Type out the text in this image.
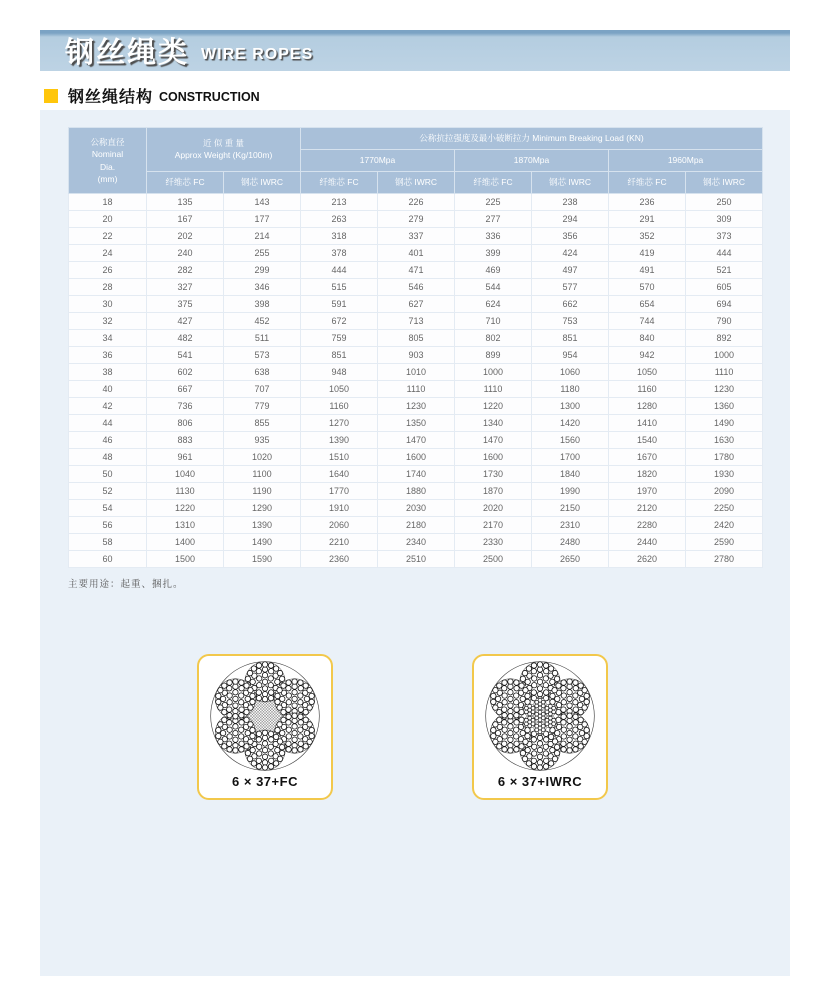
钢丝绳类 WIRE ROPES
钢丝绳结构 CONSTRUCTION
公称直径
Nominal
Dia.
(mm)	近 似 重 量
Approx Weight (Kg/100m)		公称抗拉强度及最小破断拉力 Minimum Breaking Load (KN)					
			1770Mpa		1870Mpa		1960Mpa	
	纤维芯 FC	钢芯 IWRC	纤维芯 FC	钢芯 IWRC	纤维芯 FC	钢芯 IWRC	纤维芯 FC	钢芯 IWRC
18	135	143	213	226	225	238	236	250
20	167	177	263	279	277	294	291	309
22	202	214	318	337	336	356	352	373
24	240	255	378	401	399	424	419	444
26	282	299	444	471	469	497	491	521
28	327	346	515	546	544	577	570	605
30	375	398	591	627	624	662	654	694
32	427	452	672	713	710	753	744	790
34	482	511	759	805	802	851	840	892
36	541	573	851	903	899	954	942	1000
38	602	638	948	1010	1000	1060	1050	1110
40	667	707	1050	1110	1110	1180	1160	1230
42	736	779	1160	1230	1220	1300	1280	1360
44	806	855	1270	1350	1340	1420	1410	1490
46	883	935	1390	1470	1470	1560	1540	1630
48	961	1020	1510	1600	1600	1700	1670	1780
50	1040	1100	1640	1740	1730	1840	1820	1930
52	1130	1190	1770	1880	1870	1990	1970	2090
54	1220	1290	1910	2030	2020	2150	2120	2250
56	1310	1390	2060	2180	2170	2310	2280	2420
58	1400	1490	2210	2340	2330	2480	2440	2590
60	1500	1590	2360	2510	2500	2650	2620	2780
主要用途：起重、捆扎。
6 × 37+FC	6 × 37+IWRC
